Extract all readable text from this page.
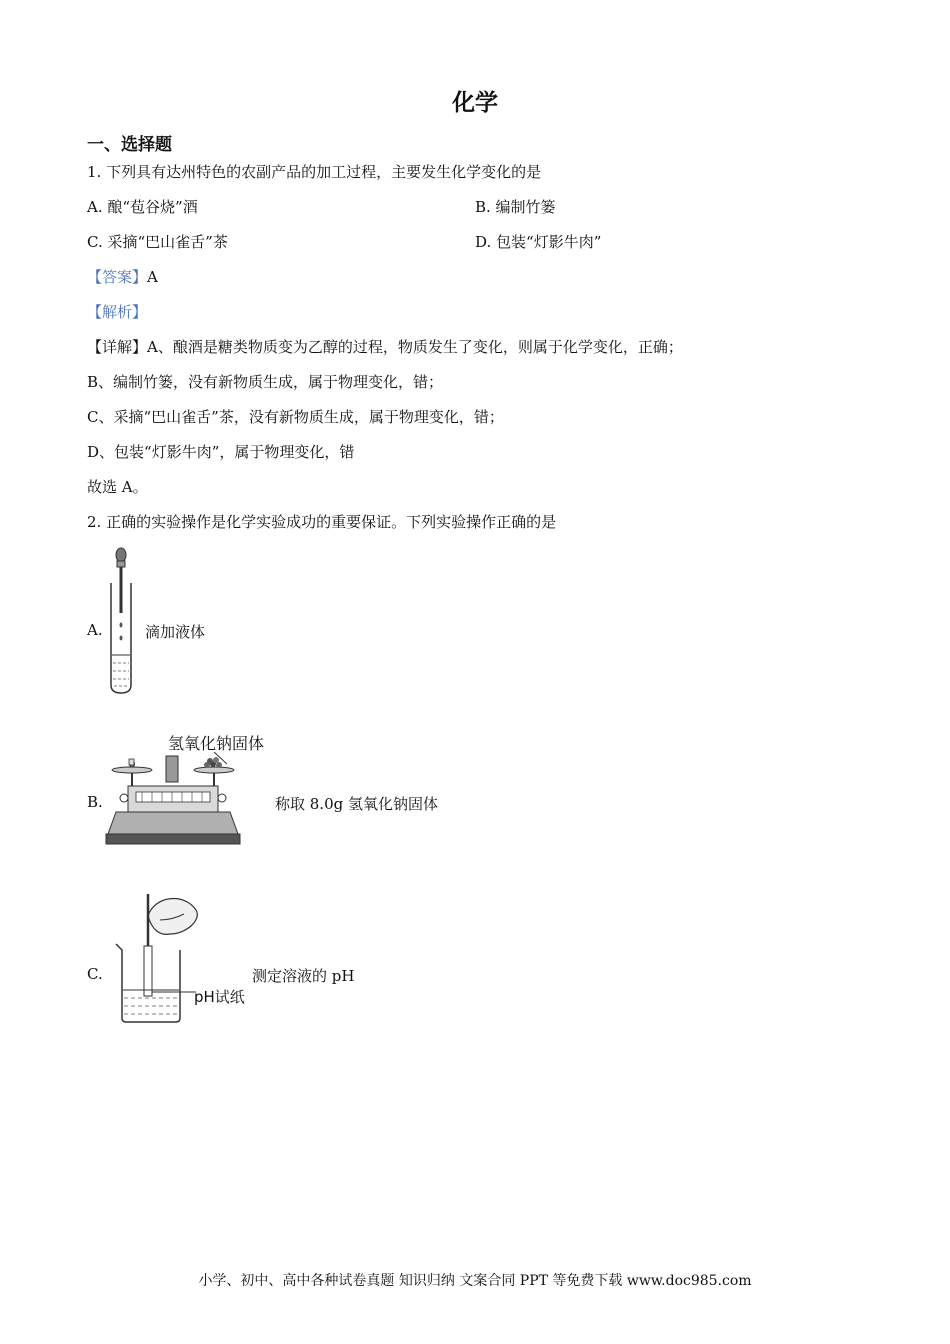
化学
一、选择题
1. 下列具有达州特色的农副产品的加工过程，主要发生化学变化的是
A. 酿“苞谷烧”酒	B. 编制竹篓
C. 采摘“巴山雀舌”茶	D. 包装“灯影牛肉”
【答案】A
【解析】
【详解】A、酿酒是糖类物质变为乙醇的过程，物质发生了变化，则属于化学变化，正确；
B、编制竹篓，没有新物质生成，属于物理变化，错；
C、采摘“巴山雀舌”茶，没有新物质生成，属于物理变化，错；
D、包装“灯影牛肉”，属于物理变化，错
故选 A。
2. 正确的实验操作是化学实验成功的重要保证。下列实验操作正确的是
A.	滴加液体
B.
氢氧化钠固体
称取 8.0g 氢氧化钠固体
C.
pH试纸
测定溶液的 pH
小学、初中、高中各种试卷真题 知识归纳 文案合同 PPT 等免费下载 www.doc985.com
